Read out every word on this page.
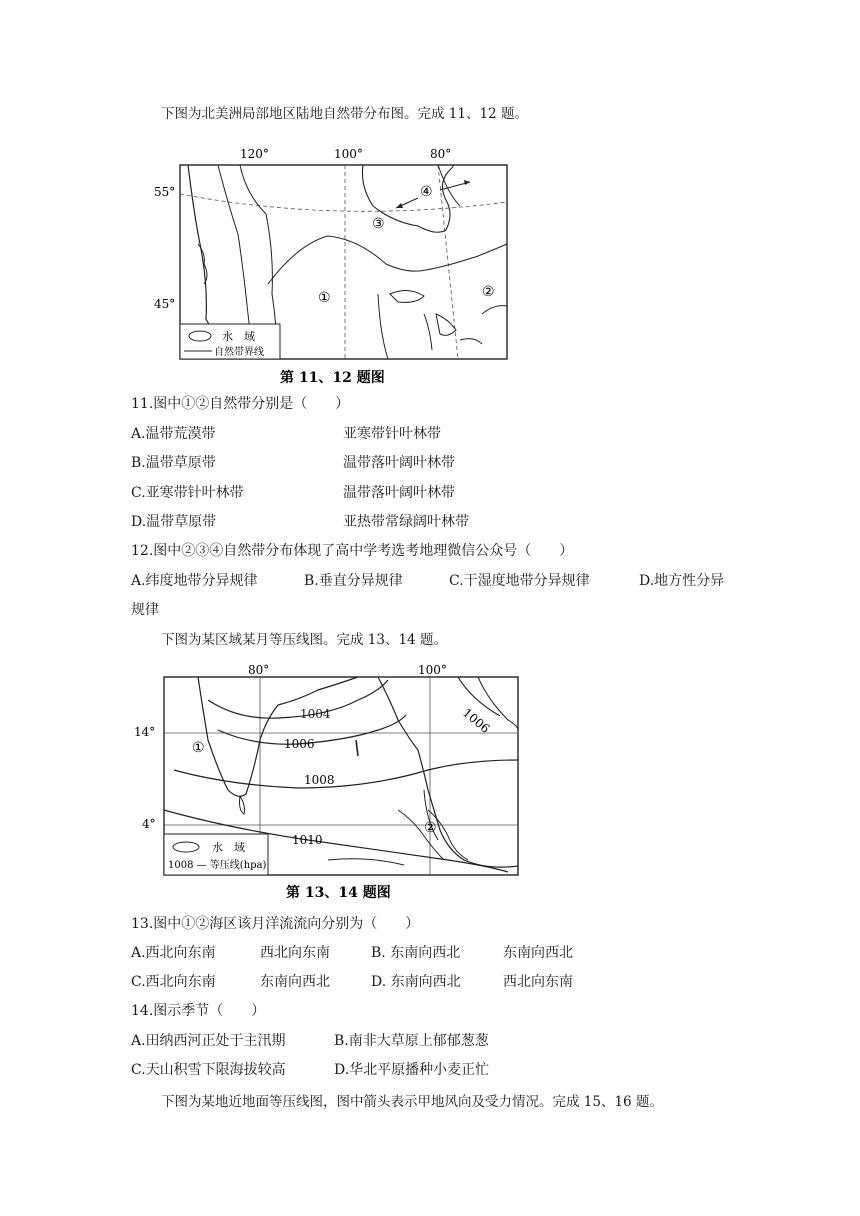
下图为北美洲局部地区陆地自然带分布图。完成 11、12 题。
120°	100°	80°
55°
45°
④
③
①	②
水　域
自然带界线
第 11、12 题图
11.图中①②自然带分别是（　　）
A.温带荒漠带	亚寒带针叶林带
B.温带草原带	温带落叶阔叶林带
C.亚寒带针叶林带	温带落叶阔叶林带
D.温带草原带	亚热带常绿阔叶林带
12.图中②③④自然带分布体现了高中学考选考地理微信公众号（　　）
A.纬度地带分异规律	B.垂直分异规律	C.干湿度地带分异规律	D.地方性分异
规律
下图为某区域某月等压线图。完成 13、14 题。
80°	100°
14°
4°
1004
1006
1008
1010
1006
①
②
水　域
1008 — 等压线(hpa)
第 13、14 题图
13.图中①②海区该月洋流流向分别为（　　）
A.西北向东南	西北向东南	B. 东南向西北	东南向西北
C.西北向东南	东南向西北	D. 东南向西北	西北向东南
14.图示季节（　　）
A.田纳西河正处于主汛期	B.南非大草原上郁郁葱葱
C.天山积雪下限海拔较高	D.华北平原播种小麦正忙
下图为某地近地面等压线图，图中箭头表示甲地风向及受力情况。完成 15、16 题。
